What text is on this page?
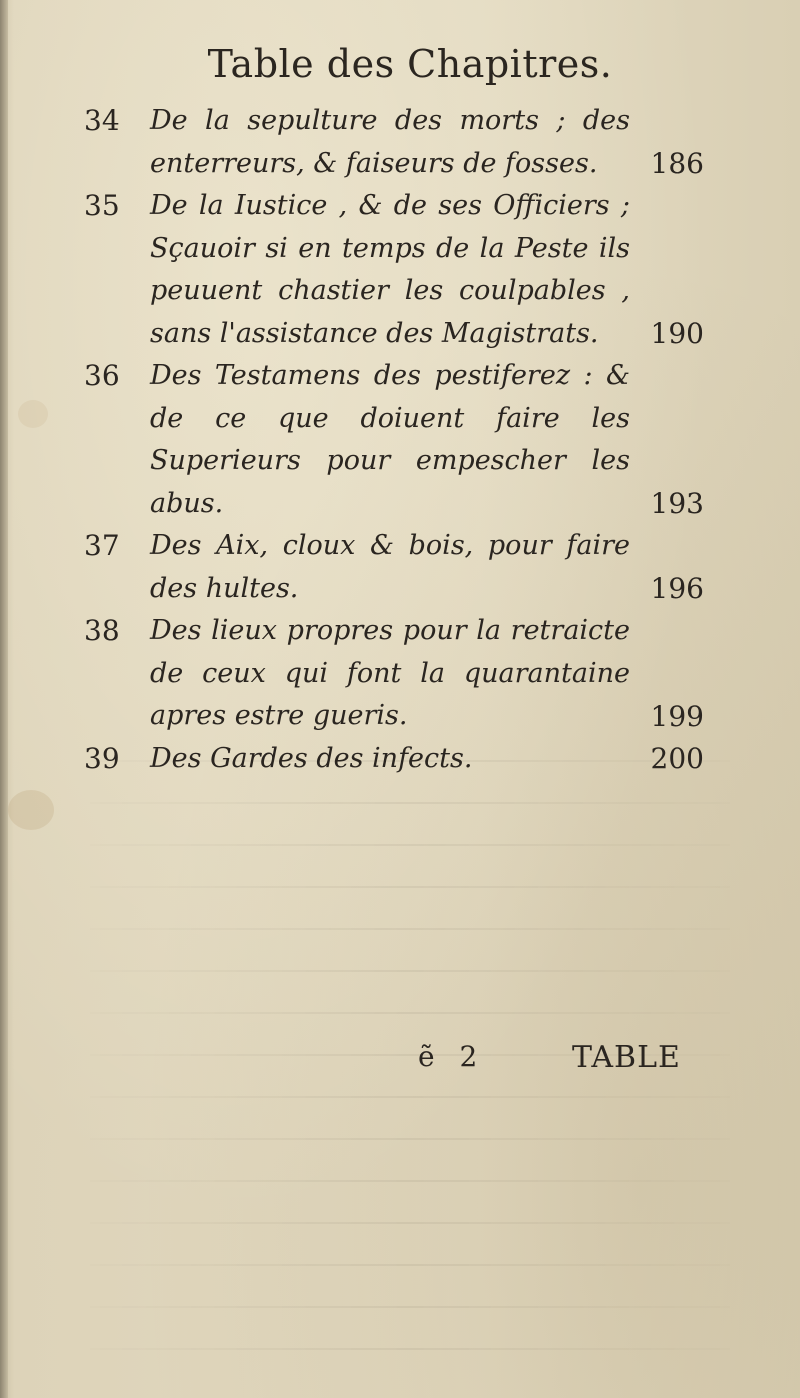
Table des Chapitres.
34	De la sepulture des morts ; des enterreurs, & faiseurs de fosses.	186
35	De la Iustice , & de ses Officiers ; Sçauoir si en temps de la Peste ils peuuent chastier les coulpables , sans l'assistance des Magistrats.	190
36	Des Testamens des pestiferez : & de ce que doiuent faire les Superieurs pour empescher les abus.	193
37	Des Aix, cloux & bois, pour faire des hultes.	196
38	Des lieux propres pour la retraicte de ceux qui font la quarantaine apres estre gueris.	199
39	Des Gardes des infects.	200
ẽ 2	TABLE
